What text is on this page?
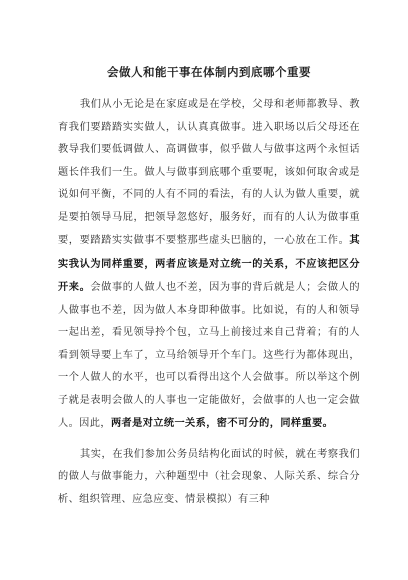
会做人和能干事在体制内到底哪个重要

我们从小无论是在家庭或是在学校，父母和老师都教导、教育我们要踏踏实实做人，认认真真做事。进入职场以后父母还在教导我们要低调做人、高调做事，似乎做人与做事这两个永恒话题长伴我们一生。做人与做事到底哪个重要呢，该如何取舍或是说如何平衡，不同的人有不同的看法，有的人认为做人重要，就是要拍领导马屁，把领导忽悠好，服务好，而有的人认为做事重要，要踏踏实实做事不要整那些虚头巴脑的，一心放在工作。其实我认为同样重要，两者应该是对立统一的关系，不应该把区分开来。会做事的人做人也不差，因为事的背后就是人；会做人的人做事也不差，因为做人本身即种做事。比如说，有的人和领导一起出差，看见领导拎个包，立马上前接过来自己背着；有的人看到领导要上车了，立马给领导开个车门。这些行为都体现出，一个人做人的水平，也可以看得出这个人会做事。所以举这个例子就是表明会做人的人事也一定能做好，会做事的人也一定会做人。因此，两者是对立统一关系，密不可分的，同样重要。

其实，在我们参加公务员结构化面试的时候，就在考察我们的做人与做事能力，六种题型中（社会现象、人际关系、综合分析、组织管理、应急应变、情景模拟）有三种
